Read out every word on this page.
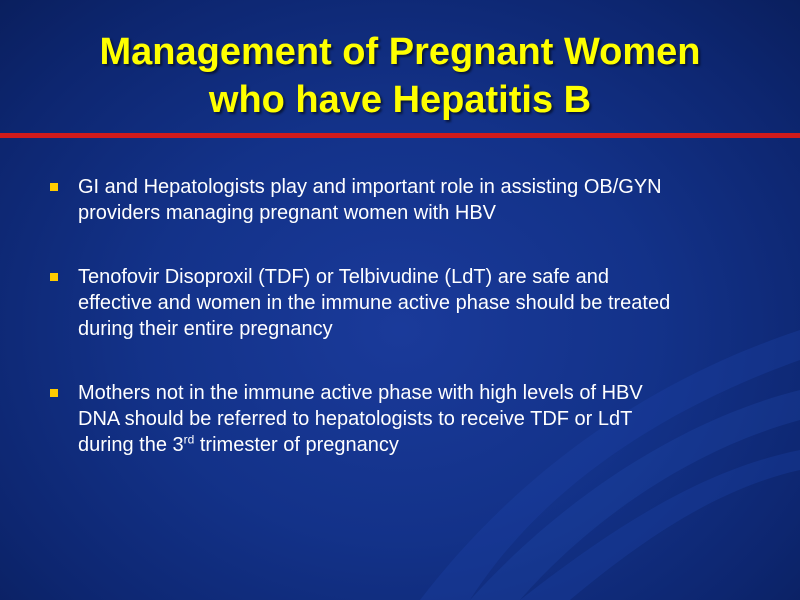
Management of Pregnant Women
who have Hepatitis B
GI and Hepatologists play and important role in assisting OB/GYN
providers managing pregnant women with HBV
Tenofovir Disoproxil (TDF) or Telbivudine (LdT) are safe and
effective and women in the immune active phase should be treated
during their entire pregnancy
Mothers not in the immune active phase with high levels of HBV
DNA should be referred to hepatologists to receive TDF or LdT
during the 3rd trimester of pregnancy
